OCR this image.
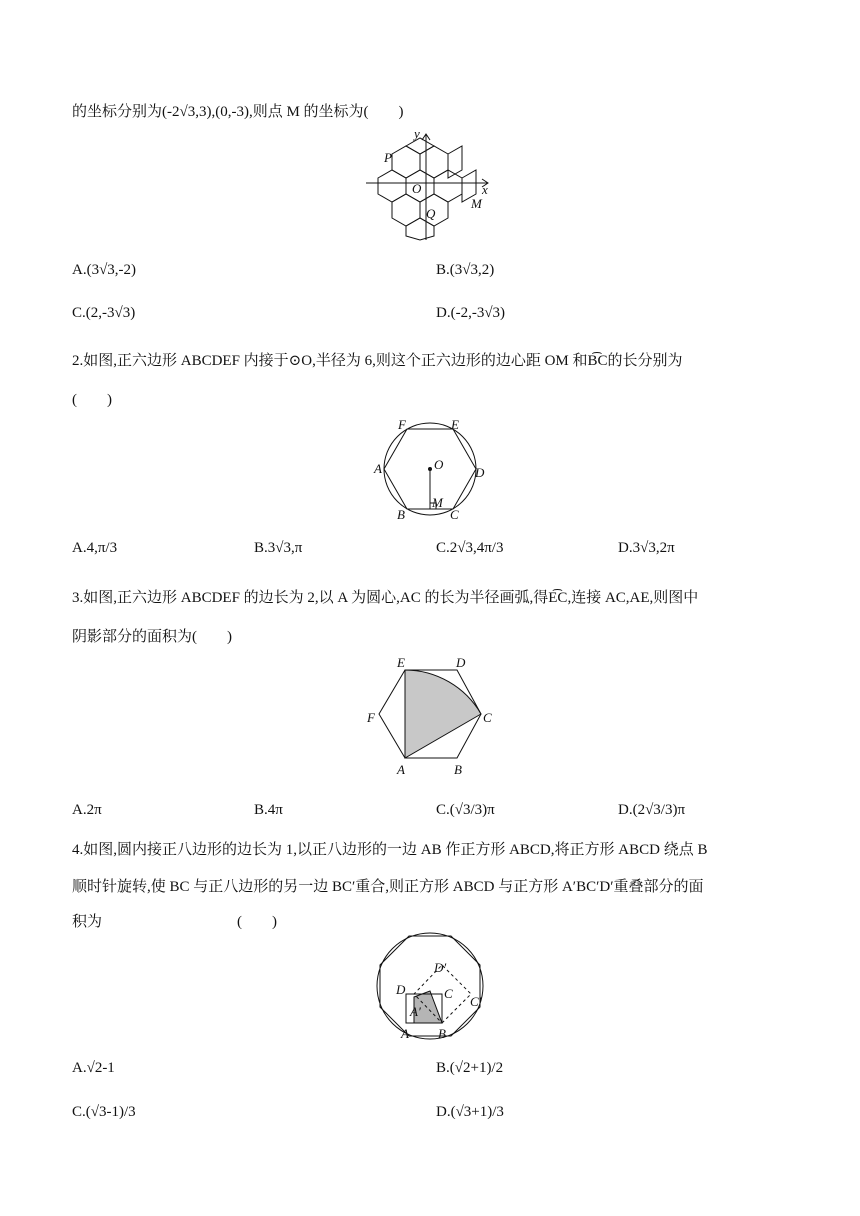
的坐标分别为(-2√3,3),(0,-3),则点 M 的坐标为(　　)
y
x
O
P
Q
M
A.(3√3,-2)	B.(3√3,2)
C.(2,-3√3)	D.(-2,-3√3)
2.如图,正六边形 ABCDEF 内接于⊙O,半径为 6,则这个正六边形的边心距 OM 和B͡C的长分别为
(　　)
A
B	C
D
E
F
O
M
A.4,π/3	B.3√3,π	C.2√3,4π/3	D.3√3,2π
3.如图,正六边形 ABCDEF 的边长为 2,以 A 为圆心,AC 的长为半径画弧,得E͡C,连接 AC,AE,则图中
阴影部分的面积为(　　)
E	D
F	C
A	B
A.2π	B.4π	C.(√3/3)π	D.(2√3/3)π
4.如图,圆内接正八边形的边长为 1,以正八边形的一边 AB 作正方形 ABCD,将正方形 ABCD 绕点 B
顺时针旋转,使 BC 与正八边形的另一边 BC′重合,则正方形 ABCD 与正方形 A′BC′D′重叠部分的面
积为　　　　　　　　　(　　)
A B
C
D
A′
C′
D′
A.√2-1	B.(√2+1)/2
C.(√3-1)/3	D.(√3+1)/3
